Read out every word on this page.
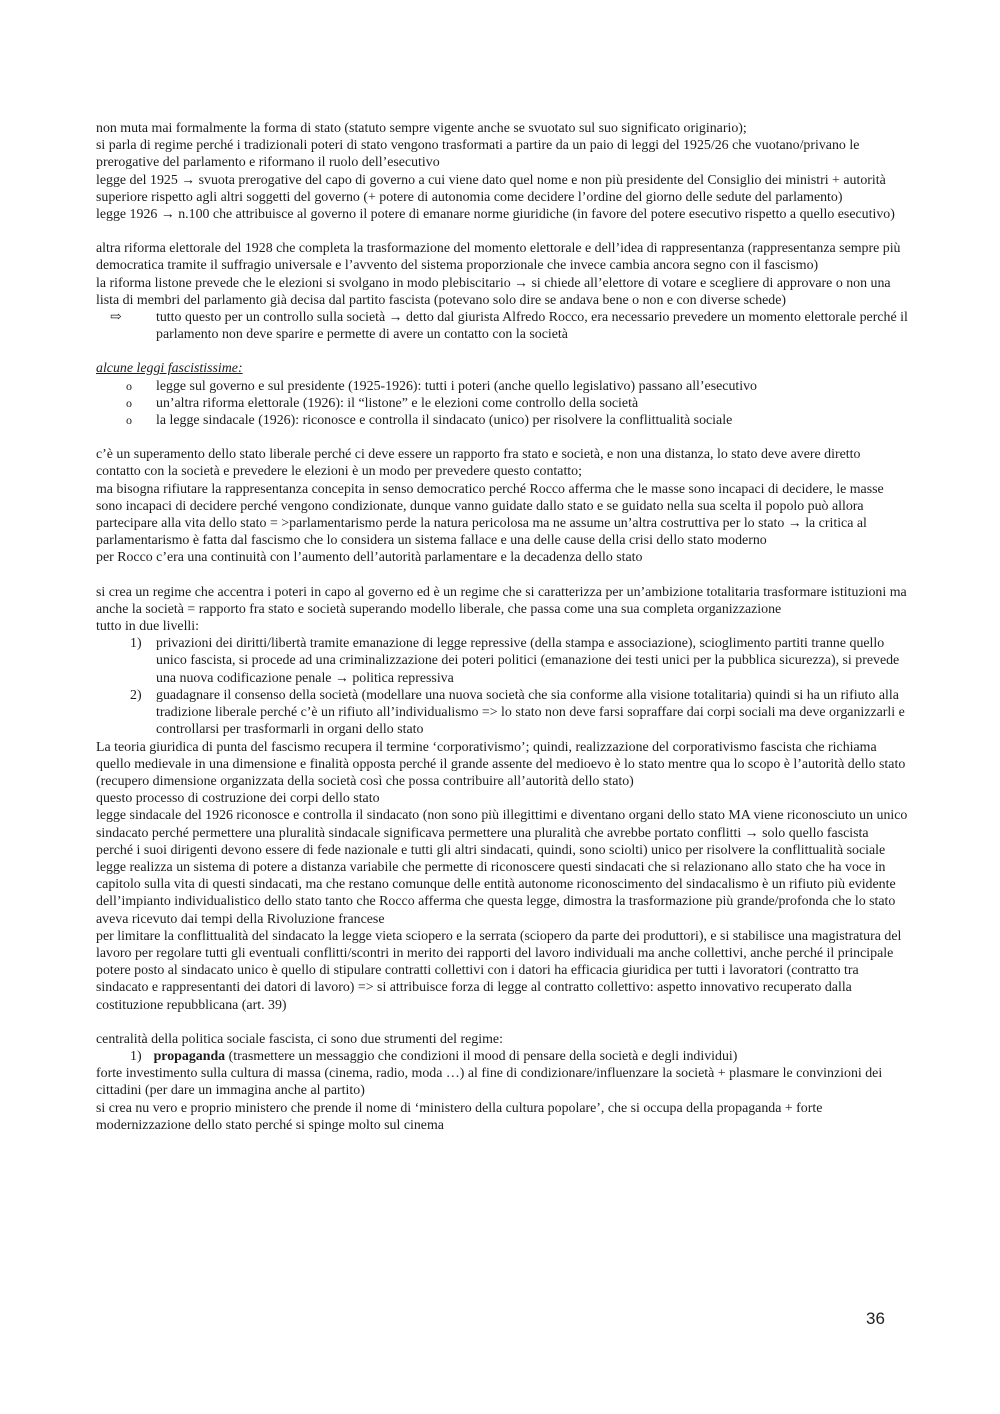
non muta mai formalmente la forma di stato (statuto sempre vigente anche se svuotato sul suo significato originario);

si parla di regime perché i tradizionali poteri di stato vengono trasformati a partire da un paio di leggi del 1925/26 che vuotano/privano le prerogative del parlamento e riformano il ruolo dell’esecutivo

legge del 1925 → svuota prerogative del capo di governo a cui viene dato quel nome e non più presidente del Consiglio dei ministri + autorità superiore rispetto agli altri soggetti del governo (+ potere di autonomia come decidere l’ordine del giorno delle sedute del parlamento)

legge 1926 → n.100 che attribuisce al governo il potere di emanare norme giuridiche (in favore del potere esecutivo rispetto a quello esecutivo)

altra riforma elettorale del 1928 che completa la trasformazione del momento elettorale e dell’idea di rappresentanza (rappresentanza sempre più democratica tramite il suffragio universale e l’avvento del sistema proporzionale che invece cambia ancora segno con il fascismo)

la riforma listone prevede che le elezioni si svolgano in modo plebiscitario → si chiede all’elettore di votare e scegliere di approvare o non una lista di membri del parlamento già decisa dal partito fascista (potevano solo dire se andava bene o non e con diverse schede)

⇨ tutto questo per un controllo sulla società → detto dal giurista Alfredo Rocco, era necessario prevedere un momento elettorale perché il parlamento non deve sparire e permette di avere un contatto con la società

alcune leggi fascistissime:

o legge sul governo e sul presidente (1925-1926): tutti i poteri (anche quello legislativo) passano all’esecutivo
o un’altra riforma elettorale (1926): il “listone” e le elezioni come controllo della società
o la legge sindacale (1926): riconosce e controlla il sindacato (unico) per risolvere la conflittualità sociale

c’è un superamento dello stato liberale perché ci deve essere un rapporto fra stato e società, e non una distanza, lo stato deve avere diretto contatto con la società e prevedere le elezioni è un modo per prevedere questo contatto;

ma bisogna rifiutare la rappresentanza concepita in senso democratico perché Rocco afferma che le masse sono incapaci di decidere, le masse sono incapaci di decidere perché vengono condizionate, dunque vanno guidate dallo stato e se guidato nella sua scelta il popolo può allora partecipare alla vita dello stato = >parlamentarismo perde la natura pericolosa ma ne assume un’altra costruttiva per lo stato → la critica al parlamentarismo è fatta dal fascismo che lo considera un sistema fallace e una delle cause della crisi dello stato moderno

per Rocco c’era una continuità con l’aumento dell’autorità parlamentare e la decadenza dello stato

si crea un regime che accentra i poteri in capo al governo ed è un regime che si caratterizza per un’ambizione totalitaria trasformare istituzioni ma anche la società = rapporto fra stato e società superando modello liberale, che passa come una sua completa organizzazione

tutto in due livelli:

1) privazioni dei diritti/libertà tramite emanazione di legge repressive (della stampa e associazione), scioglimento partiti tranne quello unico fascista, si procede ad una criminalizzazione dei poteri politici (emanazione dei testi unici per la pubblica sicurezza), si prevede una nuova codificazione penale → politica repressiva
2) guadagnare il consenso della società (modellare una nuova società che sia conforme alla visione totalitaria) quindi si ha un rifiuto alla tradizione liberale perché c’è un rifiuto all’individualismo => lo stato non deve farsi sopraffare dai corpi sociali ma deve organizzarli e controllarsi per trasformarli in organi dello stato

La teoria giuridica di punta del fascismo recupera il termine ‘corporativismo’; quindi, realizzazione del corporativismo fascista che richiama quello medievale in una dimensione e finalità opposta perché il grande assente del medioevo è lo stato mentre qua lo scopo è l’autorità dello stato (recupero dimensione organizzata della società così che possa contribuire all’autorità dello stato)

questo processo di costruzione dei corpi dello stato

legge sindacale del 1926 riconosce e controlla il sindacato (non sono più illegittimi e diventano organi dello stato MA viene riconosciuto un unico sindacato perché permettere una pluralità sindacale significava permettere una pluralità che avrebbe portato conflitti → solo quello fascista perché i suoi dirigenti devono essere di fede nazionale e tutti gli altri sindacati, quindi, sono sciolti) unico per risolvere la conflittualità sociale

legge realizza un sistema di potere a distanza variabile che permette di riconoscere questi sindacati che si relazionano allo stato che ha voce in capitolo sulla vita di questi sindacati, ma che restano comunque delle entità autonome riconoscimento del sindacalismo è un rifiuto più evidente dell’impianto individualistico dello stato tanto che Rocco afferma che questa legge, dimostra la trasformazione più grande/profonda che lo stato aveva ricevuto dai tempi della Rivoluzione francese

per limitare la conflittualità del sindacato la legge vieta sciopero e la serrata (sciopero da parte dei produttori), e si stabilisce una magistratura del lavoro per regolare tutti gli eventuali conflitti/scontri in merito dei rapporti del lavoro individuali ma anche collettivi, anche perché il principale potere posto al sindacato unico è quello di stipulare contratti collettivi con i datori ha efficacia giuridica per tutti i lavoratori (contratto tra sindacato e rappresentanti dei datori di lavoro) => si attribuisce forza di legge al contratto collettivo: aspetto innovativo recuperato dalla costituzione repubblicana (art. 39)

centralità della politica sociale fascista, ci sono due strumenti del regime:

1) propaganda (trasmettere un messaggio che condizioni il mood di pensare della società e degli individui)

forte investimento sulla cultura di massa (cinema, radio, moda …) al fine di condizionare/influenzare la società + plasmare le convinzioni dei cittadini (per dare un immagina anche al partito)

si crea nu vero e proprio ministero che prende il nome di ‘ministero della cultura popolare’, che si occupa della propaganda + forte modernizzazione dello stato perché si spinge molto sul cinema

36
